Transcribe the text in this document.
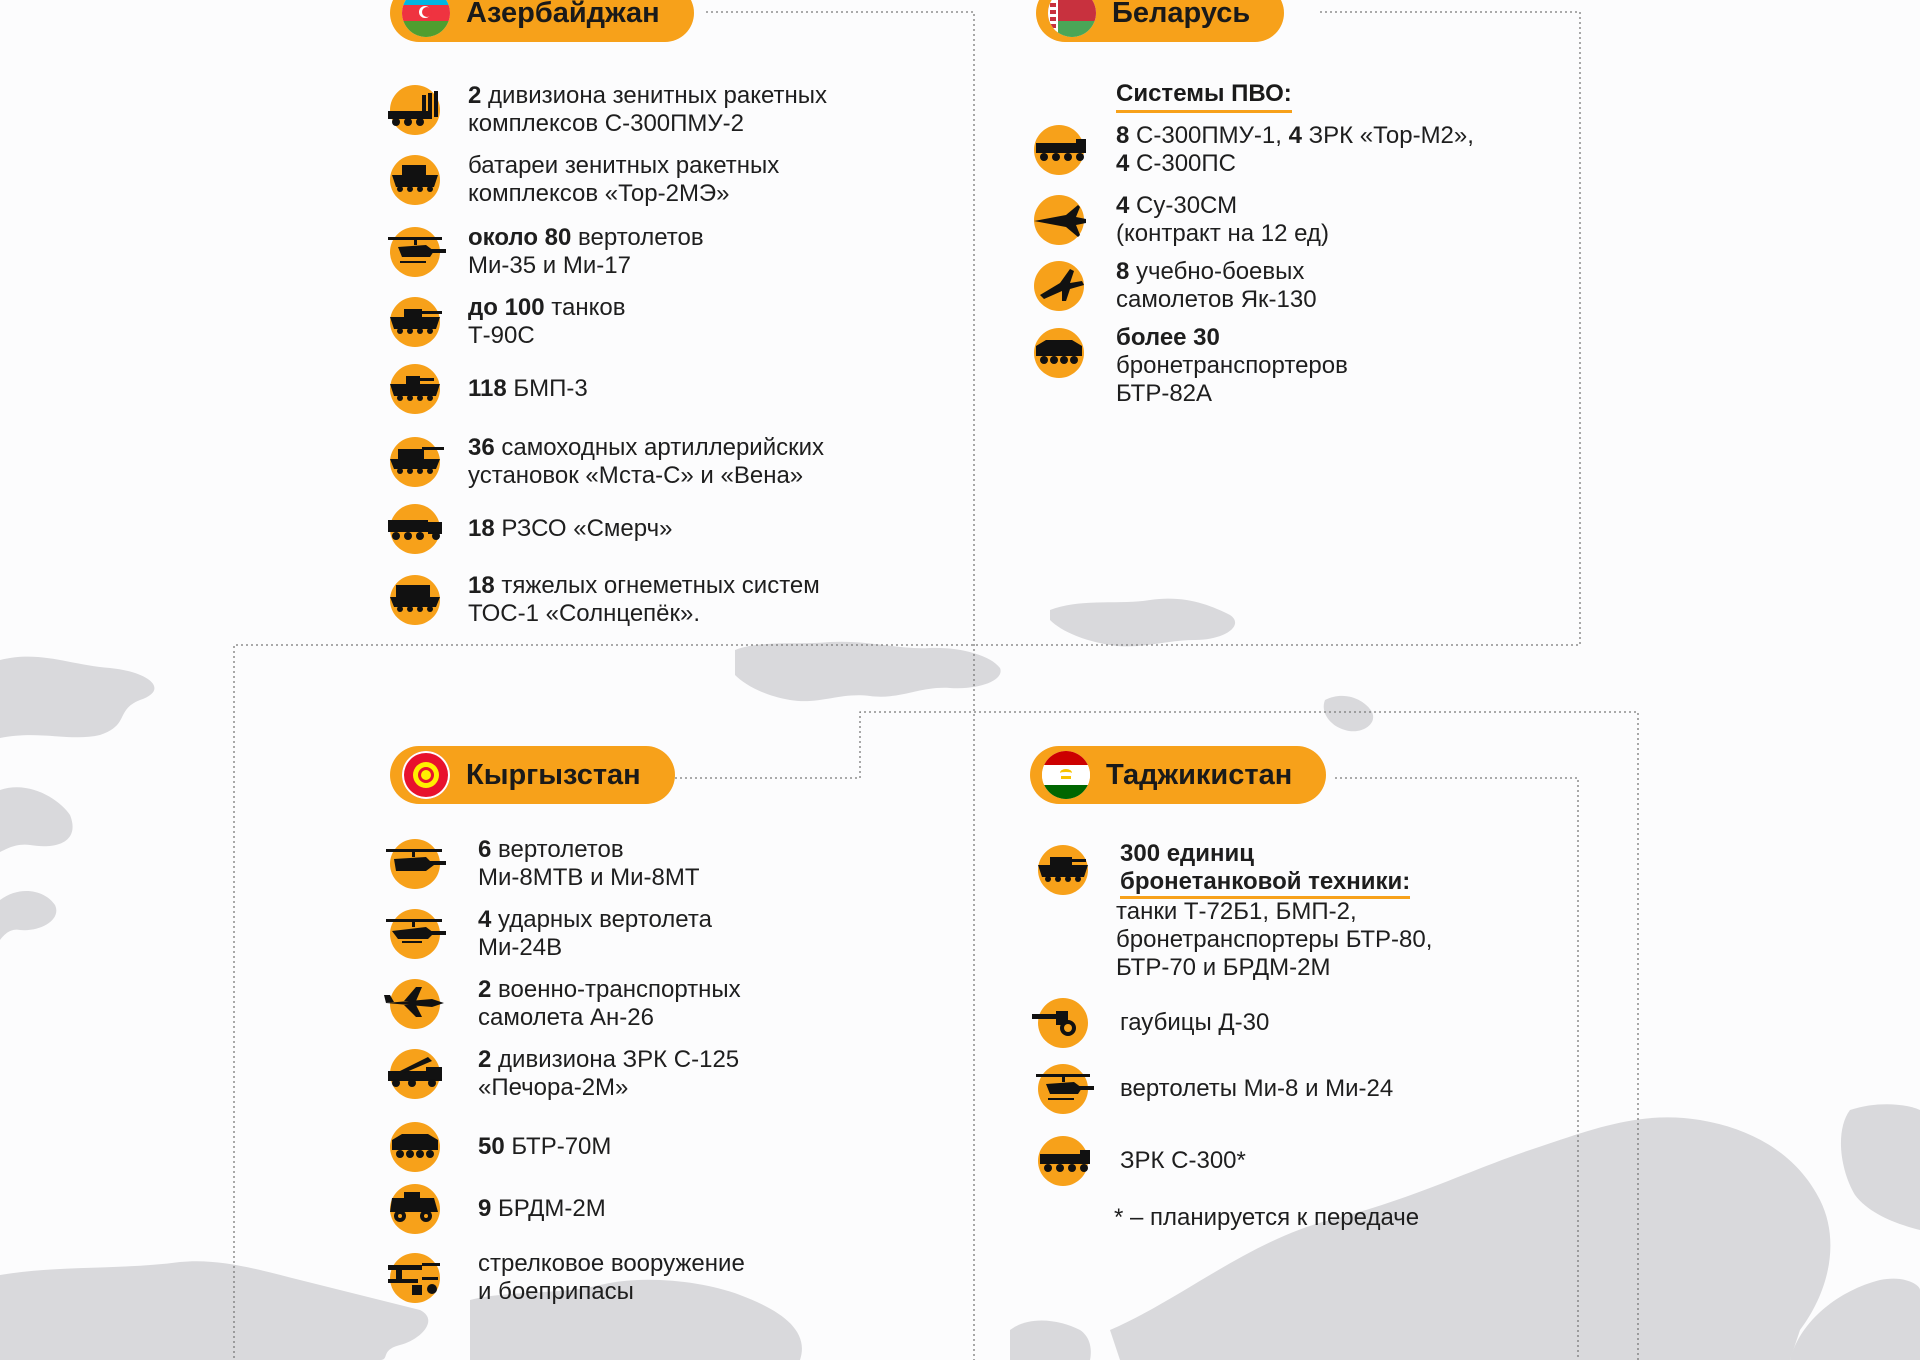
Азербайджан
2 дивизиона зенитных ракетных
комплексов С-300ПМУ-2
батареи зенитных ракетных
комплексов «Тор-2МЭ»
около 80 вертолетов
Ми-35 и Ми-17
до 100 танков
Т-90С
118 БМП-3
36 самоходных артиллерийских
установок «Мста-С» и «Вена»
18 РЗСО «Смерч»
18 тяжелых огнеметных систем
ТОС-1 «Солнцепёк».
Беларусь
Системы ПВО:
8 С-300ПМУ-1, 4 ЗРК «Тор-М2»,
4 С-300ПС
4 Су-30СМ
(контракт на 12 ед)
8 учебно-боевых
самолетов Як-130
более 30
бронетранспортеров
БТР-82А
Кыргызстан
6 вертолетов
Ми-8МТВ и Ми-8МТ
4 ударных вертолета
Ми-24В
2 военно-транспортных
самолета Ан-26
2 дивизиона ЗРК С-125
«Печора-2М»
50 БТР-70М
9 БРДМ-2М
стрелковое вооружение
и боеприпасы
Таджикистан
300 единиц
бронетанковой техники:
танки Т-72Б1, БМП-2,
бронетранспортеры БТР-80,
БТР-70 и БРДМ-2М
гаубицы Д-30
вертолеты Ми-8 и Ми-24
ЗРК С-300*
* – планируется к передаче
